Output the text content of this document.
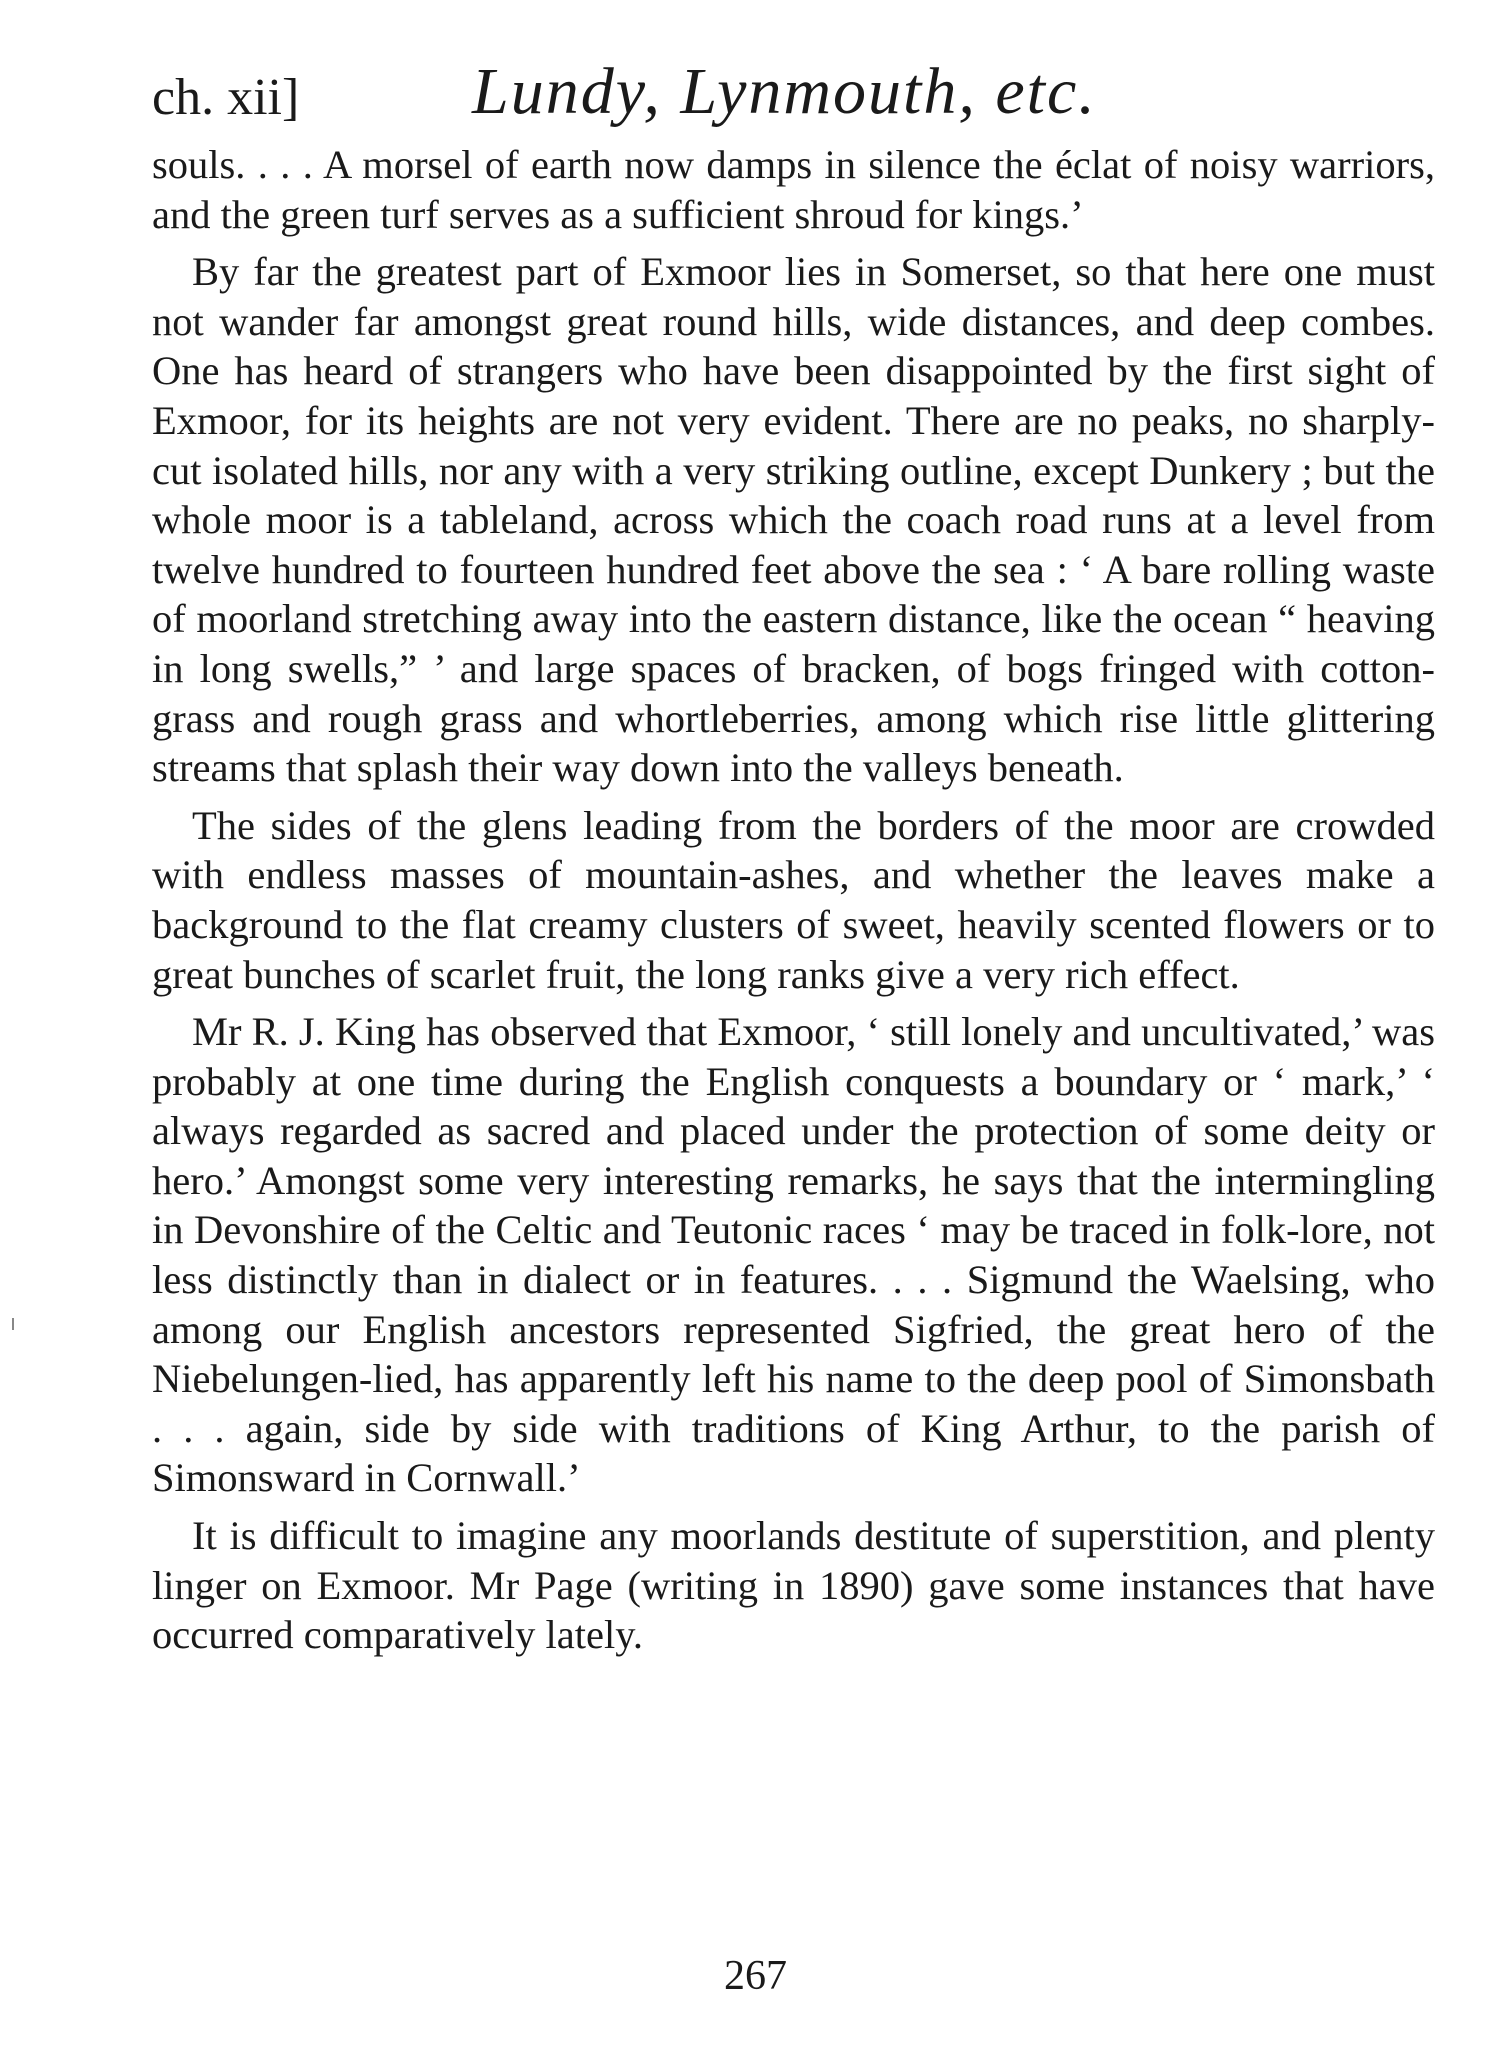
ch. xii]	Lundy, Lynmouth, etc.

souls. . . . A morsel of earth now damps in silence the éclat of noisy warriors, and the green turf serves as a sufficient shroud for kings.’

By far the greatest part of Exmoor lies in Somerset, so that here one must not wander far amongst great round hills, wide distances, and deep combes. One has heard of strangers who have been disappointed by the first sight of Exmoor, for its heights are not very evident. There are no peaks, no sharply-cut isolated hills, nor any with a very striking outline, except Dunkery ; but the whole moor is a tableland, across which the coach road runs at a level from twelve hundred to fourteen hundred feet above the sea : ‘ A bare rolling waste of moorland stretching away into the eastern distance, like the ocean “ heaving in long swells,” ’ and large spaces of bracken, of bogs fringed with cotton-grass and rough grass and whortleberries, among which rise little glittering streams that splash their way down into the valleys beneath.

The sides of the glens leading from the borders of the moor are crowded with endless masses of mountain-ashes, and whether the leaves make a background to the flat creamy clusters of sweet, heavily scented flowers or to great bunches of scarlet fruit, the long ranks give a very rich effect.

Mr R. J. King has observed that Exmoor, ‘ still lonely and uncultivated,’ was probably at one time during the English conquests a boundary or ‘ mark,’ ‘ always regarded as sacred and placed under the protection of some deity or hero.’ Amongst some very interesting remarks, he says that the intermingling in Devonshire of the Celtic and Teutonic races ‘ may be traced in folk-lore, not less distinctly than in dialect or in features. . . . Sigmund the Waelsing, who among our English ancestors represented Sigfried, the great hero of the Niebelungen-lied, has apparently left his name to the deep pool of Simonsbath . . . again, side by side with traditions of King Arthur, to the parish of Simonsward in Cornwall.’

It is difficult to imagine any moorlands destitute of superstition, and plenty linger on Exmoor. Mr Page (writing in 1890) gave some instances that have occurred comparatively lately.

267
